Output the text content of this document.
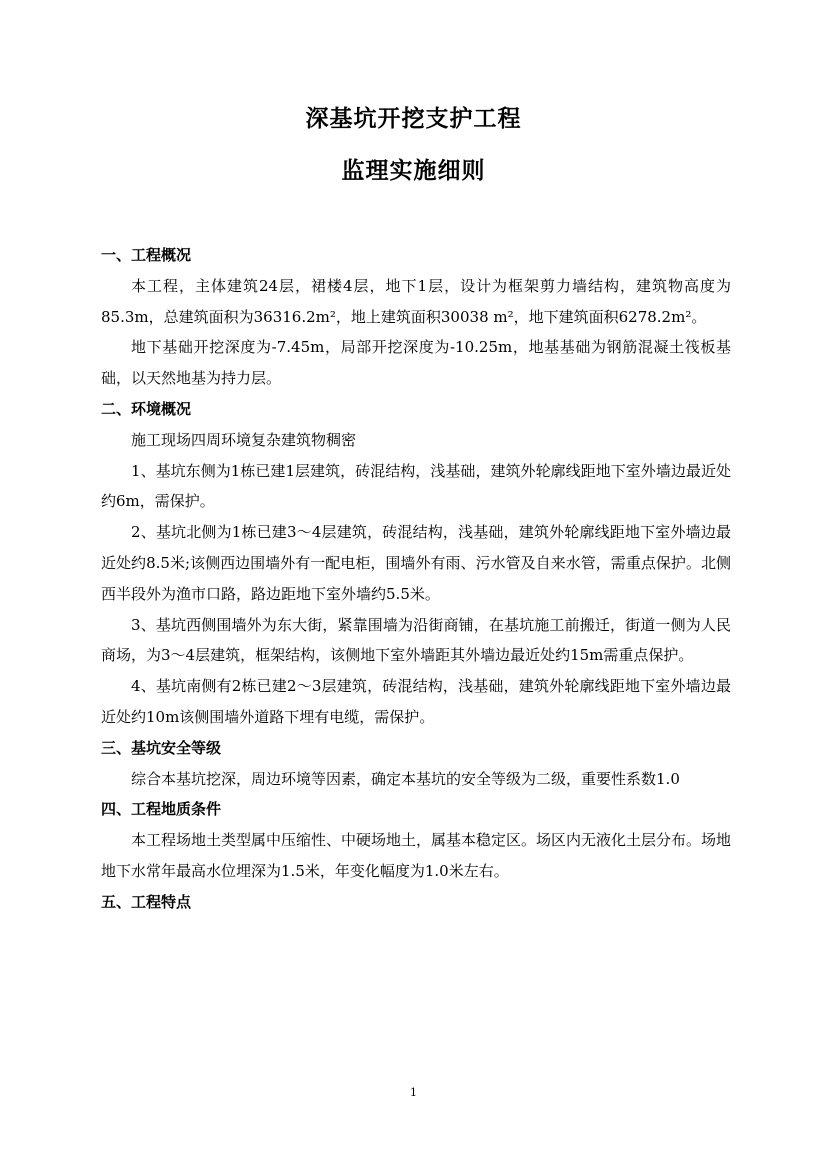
深基坑开挖支护工程
监理实施细则

一、工程概况

本工程，主体建筑24层，裙楼4层，地下1层，设计为框架剪力墙结构，建筑物高度为85.3m，总建筑面积为36316.2m²，地上建筑面积30038 m²，地下建筑面积6278.2m²。

地下基础开挖深度为-7.45m，局部开挖深度为-10.25m，地基基础为钢筋混凝土筏板基础，以天然地基为持力层。

二、环境概况

施工现场四周环境复杂建筑物稠密

1、基坑东侧为1栋已建1层建筑，砖混结构，浅基础，建筑外轮廓线距地下室外墙边最近处约6m，需保护。

2、基坑北侧为1栋已建3～4层建筑，砖混结构，浅基础，建筑外轮廓线距地下室外墙边最近处约8.5米;该侧西边围墙外有一配电柜，围墙外有雨、污水管及自来水管，需重点保护。北侧西半段外为渔市口路，路边距地下室外墙约5.5米。

3、基坑西侧围墙外为东大街，紧靠围墙为沿街商铺，在基坑施工前搬迁，街道一侧为人民商场，为3～4层建筑，框架结构，该侧地下室外墙距其外墙边最近处约15m需重点保护。

4、基坑南侧有2栋已建2～3层建筑，砖混结构，浅基础，建筑外轮廓线距地下室外墙边最近处约10m该侧围墙外道路下埋有电缆，需保护。

三、基坑安全等级

综合本基坑挖深，周边环境等因素，确定本基坑的安全等级为二级，重要性系数1.0

四、工程地质条件

本工程场地土类型属中压缩性、中硬场地土，属基本稳定区。场区内无液化土层分布。场地地下水常年最高水位埋深为1.5米，年变化幅度为1.0米左右。

五、工程特点

1
